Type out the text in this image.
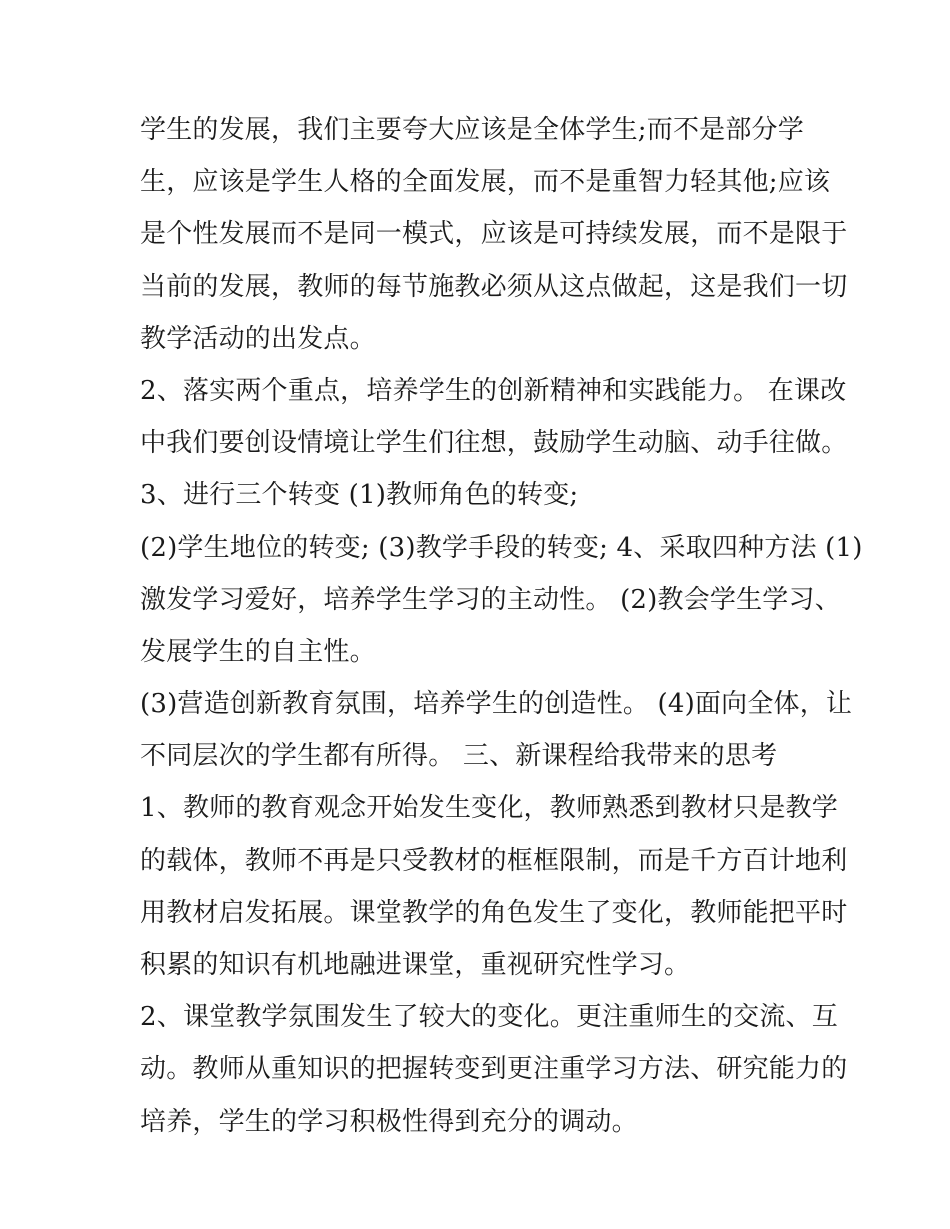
学生的发展，我们主要夸大应该是全体学生;而不是部分学
生，应该是学生人格的全面发展，而不是重智力轻其他;应该
是个性发展而不是同一模式，应该是可持续发展，而不是限于
当前的发展，教师的每节施教必须从这点做起，这是我们一切
教学活动的出发点。
2、落实两个重点，培养学生的创新精神和实践能力。 在课改
中我们要创设情境让学生们往想，鼓励学生动脑、动手往做。
3、进行三个转变 (1)教师角色的转变;
(2)学生地位的转变; (3)教学手段的转变; 4、采取四种方法 (1)
激发学习爱好，培养学生学习的主动性。 (2)教会学生学习、
发展学生的自主性。
(3)营造创新教育氛围，培养学生的创造性。 (4)面向全体，让
不同层次的学生都有所得。 三、新课程给我带来的思考
1、教师的教育观念开始发生变化，教师熟悉到教材只是教学
的载体，教师不再是只受教材的框框限制，而是千方百计地利
用教材启发拓展。课堂教学的角色发生了变化，教师能把平时
积累的知识有机地融进课堂，重视研究性学习。
2、课堂教学氛围发生了较大的变化。更注重师生的交流、互
动。教师从重知识的把握转变到更注重学习方法、研究能力的
培养，学生的学习积极性得到充分的调动。
